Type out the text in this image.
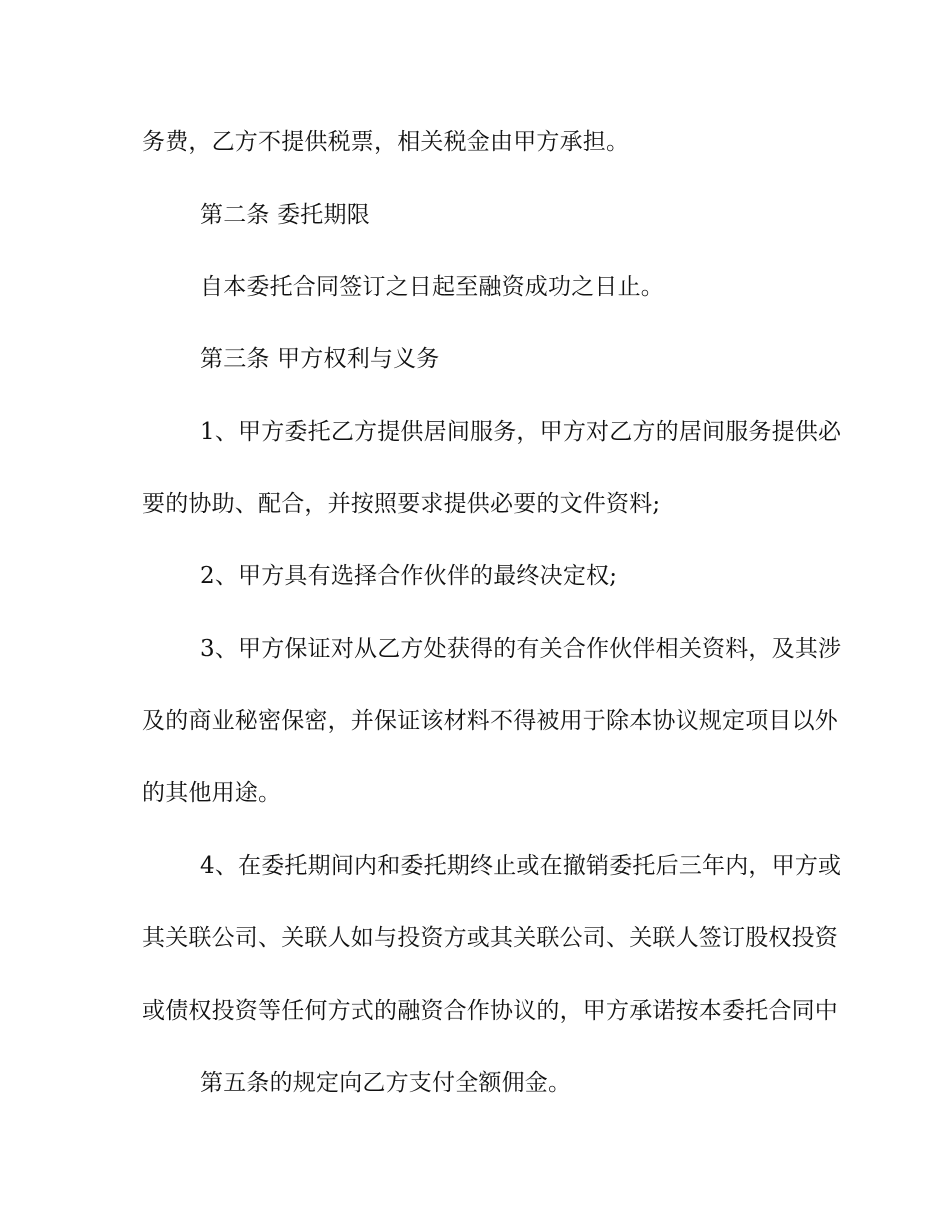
务费，乙方不提供税票，相关税金由甲方承担。
第二条 委托期限
自本委托合同签订之日起至融资成功之日止。
第三条 甲方权利与义务
1、甲方委托乙方提供居间服务，甲方对乙方的居间服务提供必
要的协助、配合，并按照要求提供必要的文件资料;
2、甲方具有选择合作伙伴的最终决定权;
3、甲方保证对从乙方处获得的有关合作伙伴相关资料，及其涉
及的商业秘密保密，并保证该材料不得被用于除本协议规定项目以外
的其他用途。
4、在委托期间内和委托期终止或在撤销委托后三年内，甲方或
其关联公司、关联人如与投资方或其关联公司、关联人签订股权投资
或债权投资等任何方式的融资合作协议的，甲方承诺按本委托合同中
第五条的规定向乙方支付全额佣金。
